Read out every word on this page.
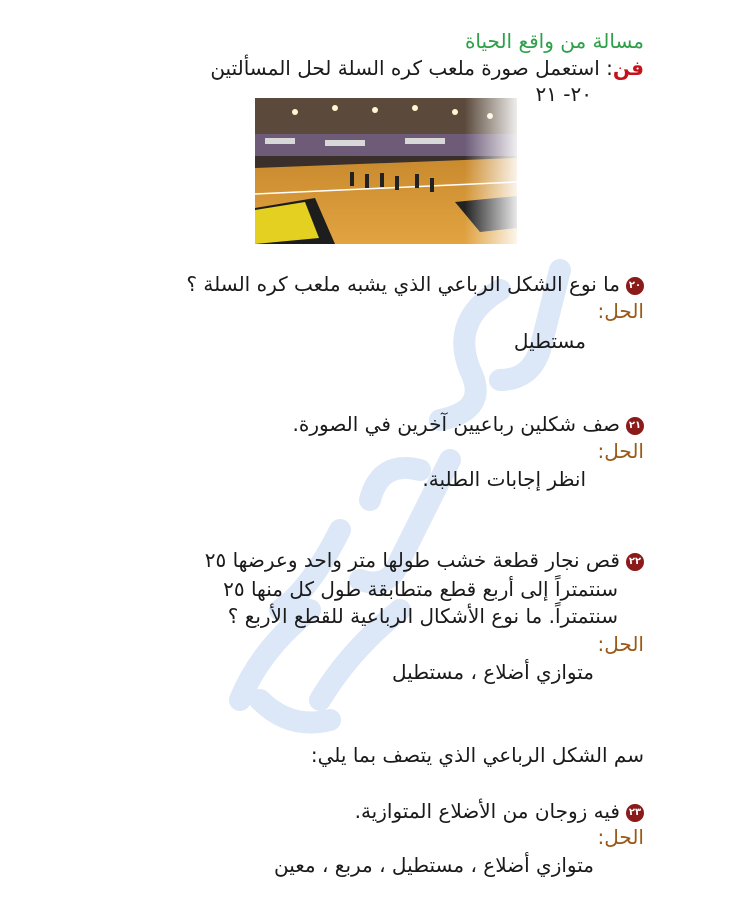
مسالة من واقع الحياة
فن: استعمل صورة ملعب كره السلة لحل المسألتين
٢٠- ٢١
٢٠ما نوع الشكل الرباعي الذي يشبه ملعب كره السلة ؟
الحل:
مستطيل
٢١صف شكلين رباعيين آخرين في الصورة.
الحل:
انظر إجابات الطلبة.
٢٢قص نجار قطعة خشب طولها متر واحد وعرضها ٢٥
سنتمتراً إلى أربع قطع متطابقة طول كل منها ٢٥
سنتمتراً. ما نوع الأشكال الرباعية للقطع الأربع ؟
الحل:
متوازي أضلاع ، مستطيل
سم الشكل الرباعي الذي يتصف بما يلي:
٢٣فيه زوجان من الأضلاع المتوازية.
الحل:
متوازي أضلاع ، مستطيل ، مربع ، معين
